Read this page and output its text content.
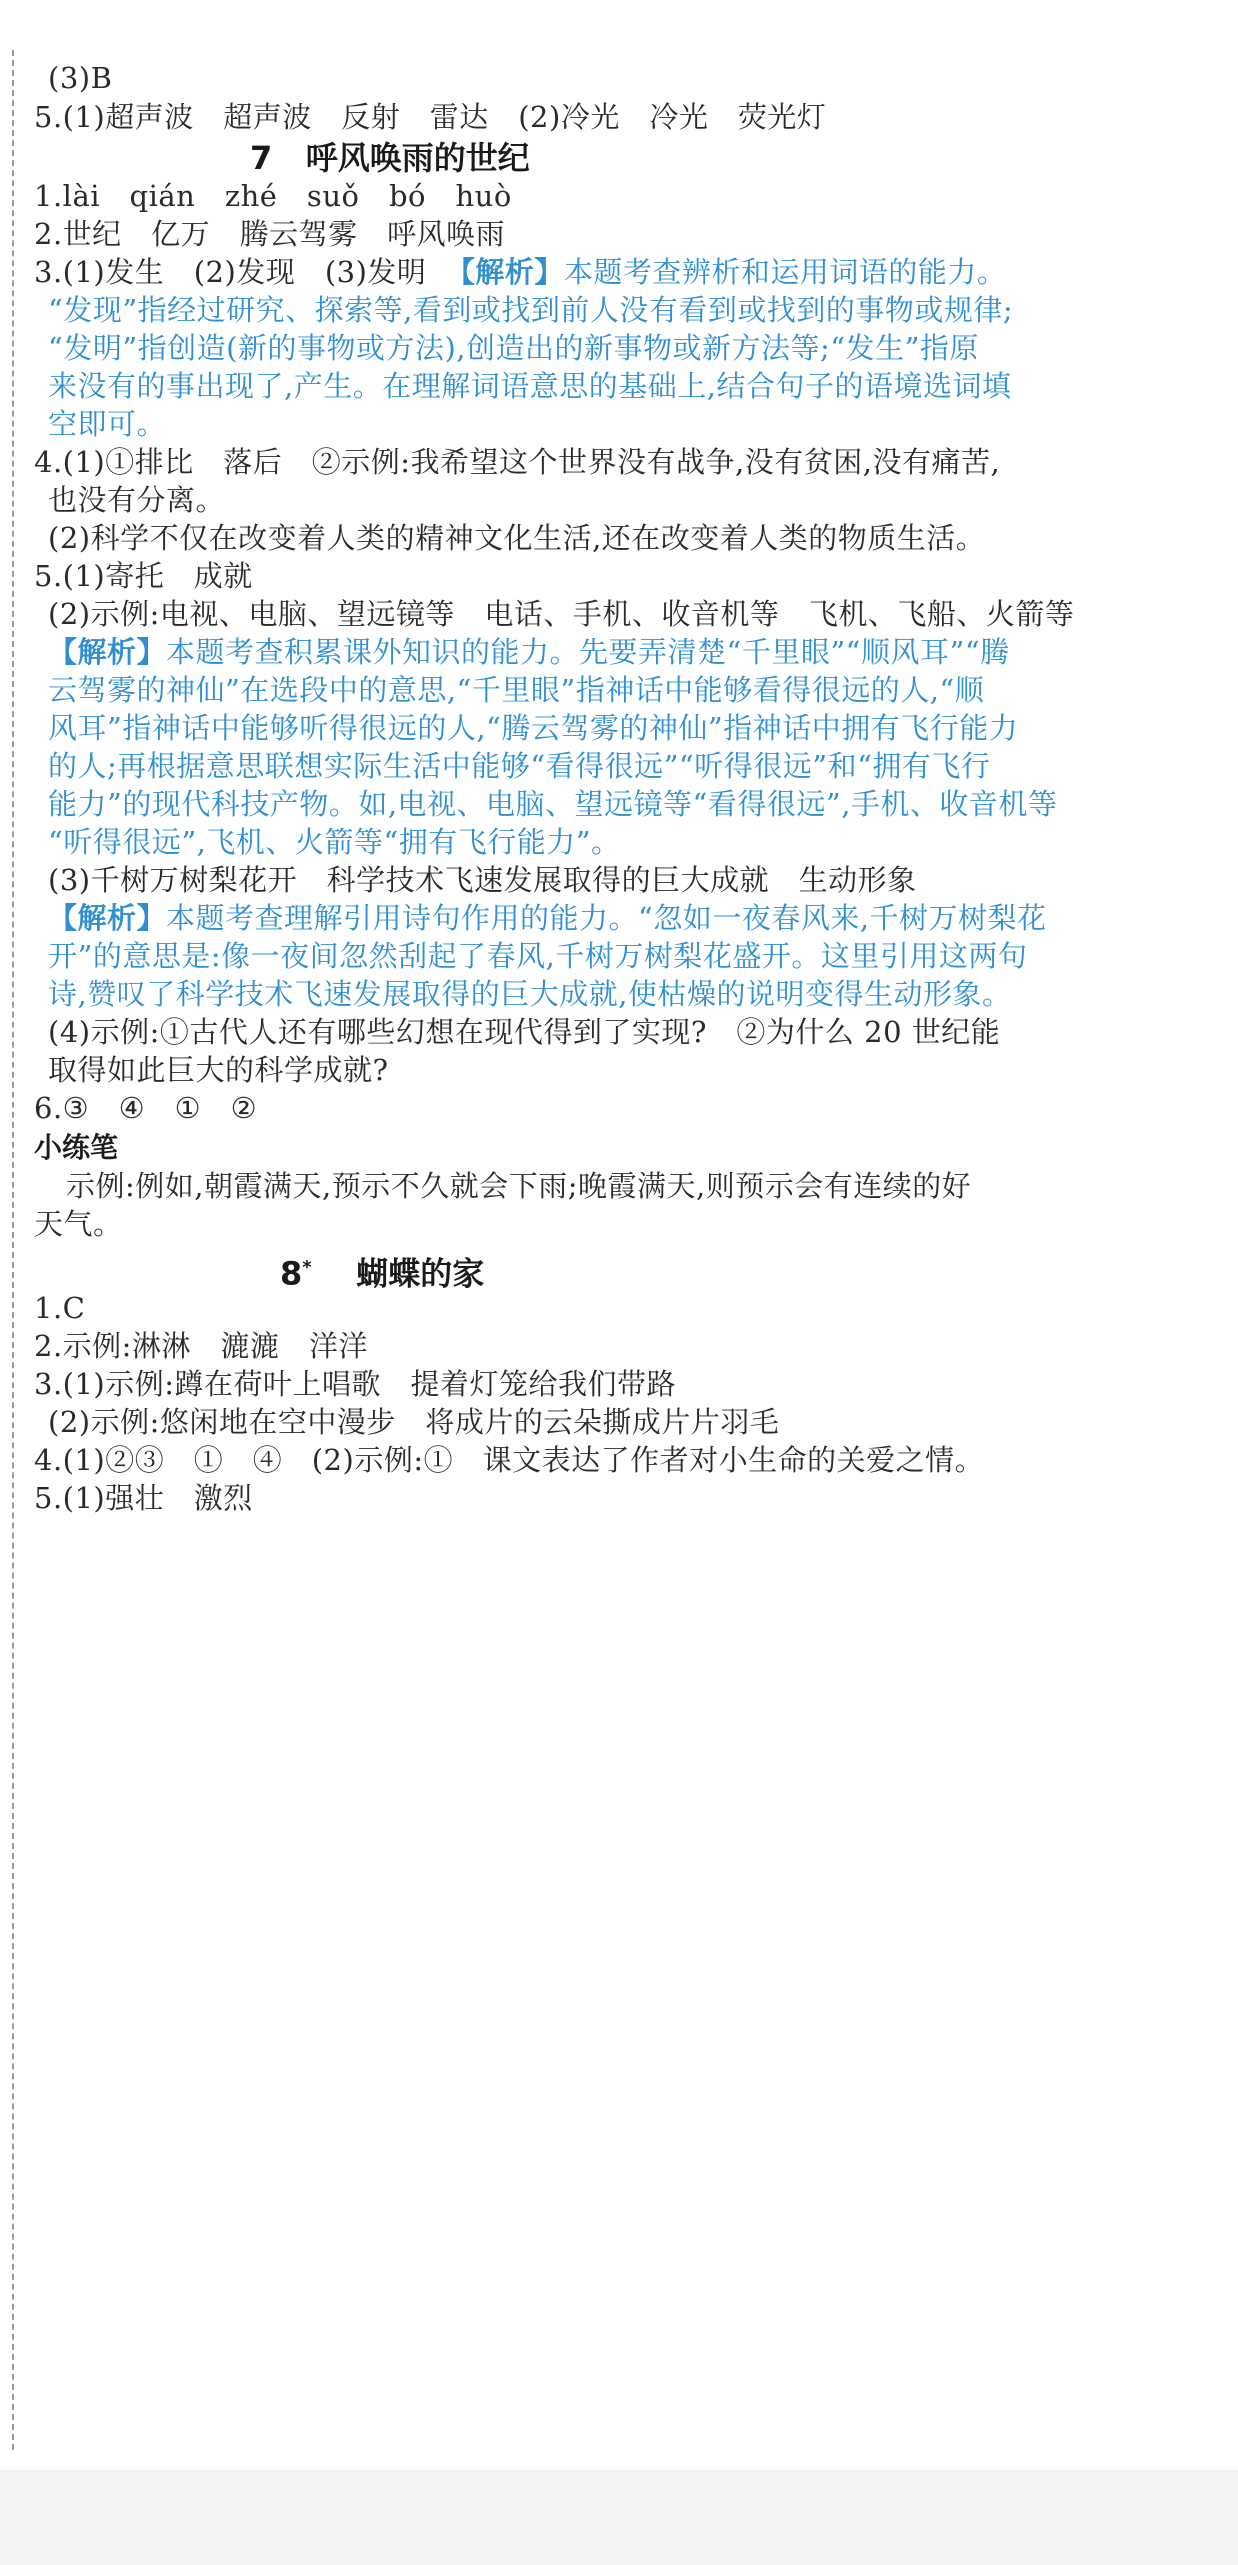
(3)B
5.(1)超声波　超声波　反射　雷达　(2)冷光　冷光　荧光灯
7 呼风唤雨的世纪
1.lài　qián　zhé　suǒ　bó　huò
2.世纪　亿万　腾云驾雾　呼风唤雨
3.(1)发生　(2)发现　(3)发明 【解析】本题考查辨析和运用词语的能力。
“发现”指经过研究、探索等,看到或找到前人没有看到或找到的事物或规律;
“发明”指创造(新的事物或方法),创造出的新事物或新方法等;“发生”指原
来没有的事出现了,产生。在理解词语意思的基础上,结合句子的语境选词填
空即可。
4.(1)①排比　落后　②示例:我希望这个世界没有战争,没有贫困,没有痛苦,
也没有分离。
(2)科学不仅在改变着人类的精神文化生活,还在改变着人类的物质生活。
5.(1)寄托　成就
(2)示例:电视、电脑、望远镜等　电话、手机、收音机等　飞机、飞船、火箭等
【解析】本题考查积累课外知识的能力。先要弄清楚“千里眼”“顺风耳”“腾
云驾雾的神仙”在选段中的意思,“千里眼”指神话中能够看得很远的人,“顺
风耳”指神话中能够听得很远的人,“腾云驾雾的神仙”指神话中拥有飞行能力
的人;再根据意思联想实际生活中能够“看得很远”“听得很远”和“拥有飞行
能力”的现代科技产物。如,电视、电脑、望远镜等“看得很远”,手机、收音机等
“听得很远”,飞机、火箭等“拥有飞行能力”。
(3)千树万树梨花开　科学技术飞速发展取得的巨大成就　生动形象
【解析】本题考查理解引用诗句作用的能力。“忽如一夜春风来,千树万树梨花
开”的意思是:像一夜间忽然刮起了春风,千树万树梨花盛开。这里引用这两句
诗,赞叹了科学技术飞速发展取得的巨大成就,使枯燥的说明变得生动形象。
(4)示例:①古代人还有哪些幻想在现代得到了实现?　②为什么 20 世纪能
取得如此巨大的科学成就?
6.③　④　①　②
小练笔
示例:例如,朝霞满天,预示不久就会下雨;晚霞满天,则预示会有连续的好
天气。
8* 蝴蝶的家
1.C
2.示例:淋淋　漉漉　洋洋
3.(1)示例:蹲在荷叶上唱歌　提着灯笼给我们带路
(2)示例:悠闲地在空中漫步　将成片的云朵撕成片片羽毛
4.(1)②③　①　④　(2)示例:①　课文表达了作者对小生命的关爱之情。
5.(1)强壮　激烈
